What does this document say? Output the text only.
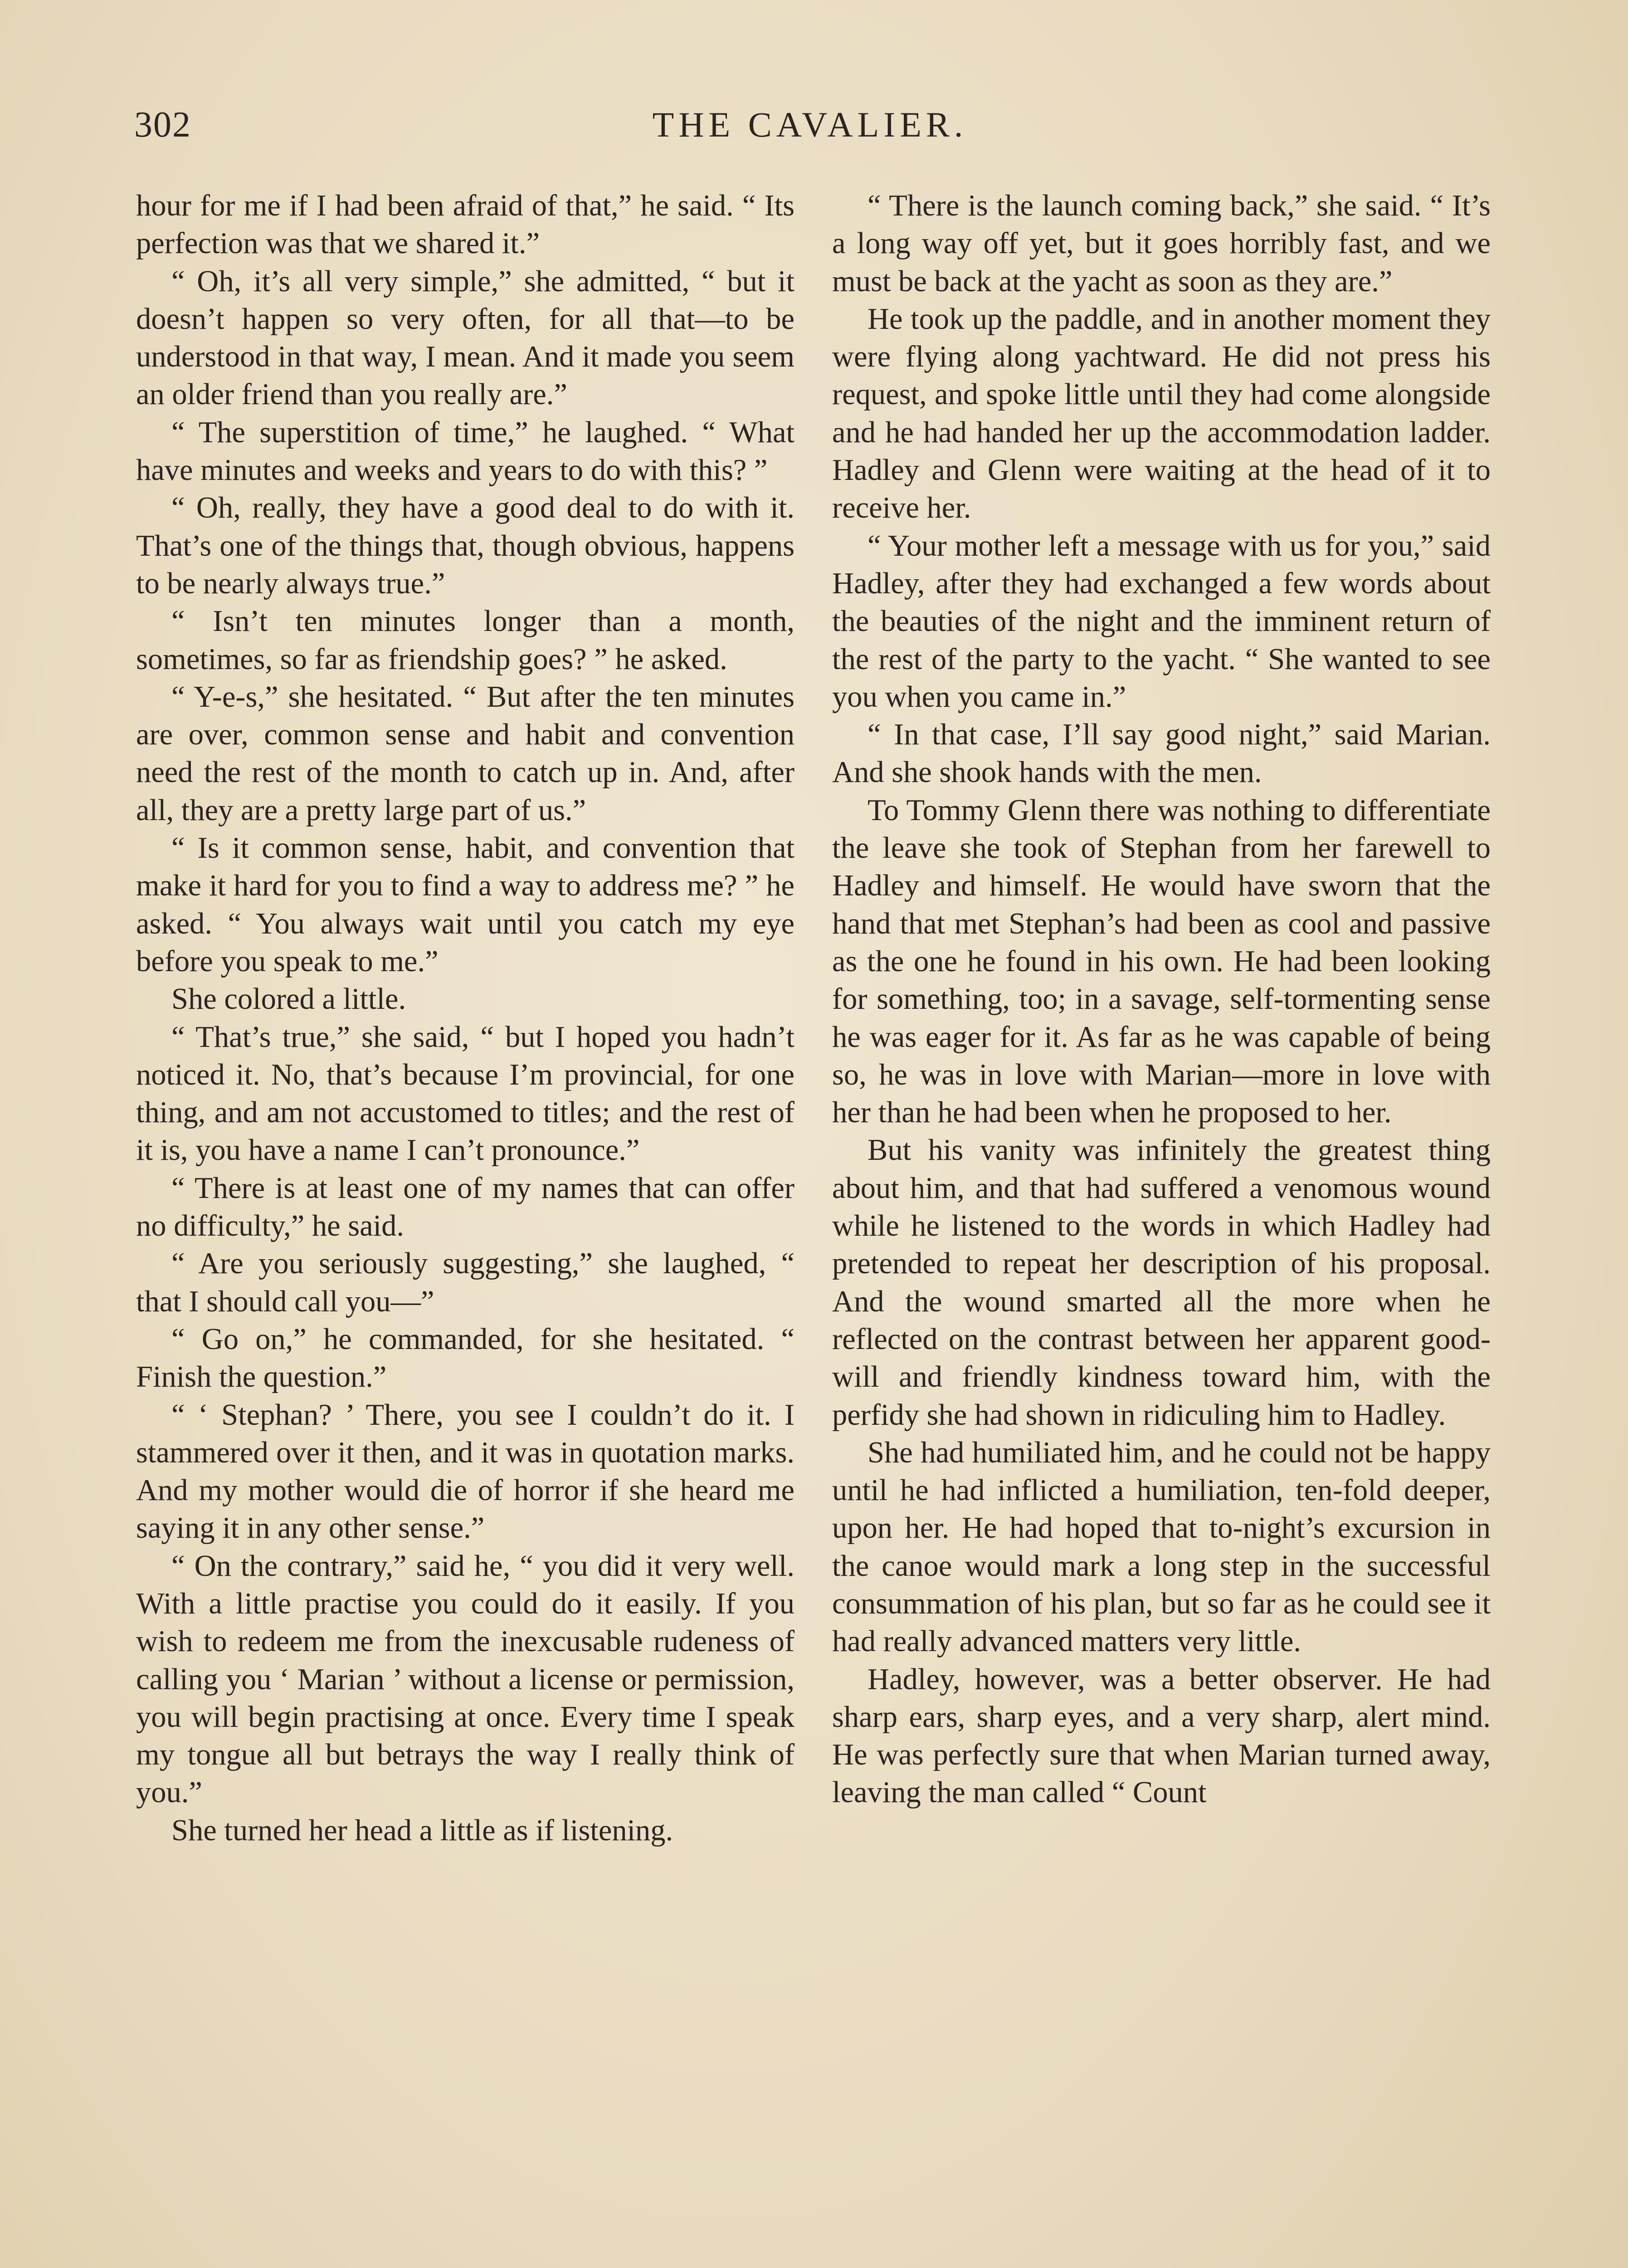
302	THE CAVALIER.

hour for me if I had been afraid of that,” he said. “ Its perfection was that we shared it.”

“ Oh, it’s all very simple,” she admitted, “ but it doesn’t happen so very often, for all that—to be understood in that way, I mean. And it made you seem an older friend than you really are.”

“ The superstition of time,” he laughed. “ What have minutes and weeks and years to do with this? ”

“ Oh, really, they have a good deal to do with it. That’s one of the things that, though obvious, happens to be nearly always true.”

“ Isn’t ten minutes longer than a month, sometimes, so far as friendship goes? ” he asked.

“ Y-e-s,” she hesitated. “ But after the ten minutes are over, common sense and habit and convention need the rest of the month to catch up in. And, after all, they are a pretty large part of us.”

“ Is it common sense, habit, and convention that make it hard for you to find a way to address me? ” he asked. “ You always wait until you catch my eye before you speak to me.”

She colored a little.

“ That’s true,” she said, “ but I hoped you hadn’t noticed it. No, that’s because I’m provincial, for one thing, and am not accustomed to titles; and the rest of it is, you have a name I can’t pronounce.”

“ There is at least one of my names that can offer no difficulty,” he said.

“ Are you seriously suggesting,” she laughed, “ that I should call you—”

“ Go on,” he commanded, for she hesitated. “ Finish the question.”

“ ‘ Stephan? ’ There, you see I couldn’t do it. I stammered over it then, and it was in quotation marks. And my mother would die of horror if she heard me saying it in any other sense.”

“ On the contrary,” said he, “ you did it very well. With a little practise you could do it easily. If you wish to redeem me from the inexcusable rudeness of calling you ‘ Marian ’ without a license or permission, you will begin practising at once. Every time I speak my tongue all but betrays the way I really think of you.”

She turned her head a little as if listening.

“ There is the launch coming back,” she said. “ It’s a long way off yet, but it goes horribly fast, and we must be back at the yacht as soon as they are.”

He took up the paddle, and in another moment they were flying along yachtward. He did not press his request, and spoke little until they had come alongside and he had handed her up the accommodation ladder. Hadley and Glenn were waiting at the head of it to receive her.

“ Your mother left a message with us for you,” said Hadley, after they had exchanged a few words about the beauties of the night and the imminent return of the rest of the party to the yacht. “ She wanted to see you when you came in.”

“ In that case, I’ll say good night,” said Marian. And she shook hands with the men.

To Tommy Glenn there was nothing to differentiate the leave she took of Stephan from her farewell to Hadley and himself. He would have sworn that the hand that met Stephan’s had been as cool and passive as the one he found in his own. He had been looking for something, too; in a savage, self-tormenting sense he was eager for it. As far as he was capable of being so, he was in love with Marian—more in love with her than he had been when he proposed to her.

But his vanity was infinitely the greatest thing about him, and that had suffered a venomous wound while he listened to the words in which Hadley had pretended to repeat her description of his proposal. And the wound smarted all the more when he reflected on the contrast between her apparent good-will and friendly kindness toward him, with the perfidy she had shown in ridiculing him to Hadley.

She had humiliated him, and he could not be happy until he had inflicted a humiliation, ten-fold deeper, upon her. He had hoped that to-night’s excursion in the canoe would mark a long step in the successful consummation of his plan, but so far as he could see it had really advanced matters very little.

Hadley, however, was a better observer. He had sharp ears, sharp eyes, and a very sharp, alert mind. He was perfectly sure that when Marian turned away, leaving the man called “ Count
